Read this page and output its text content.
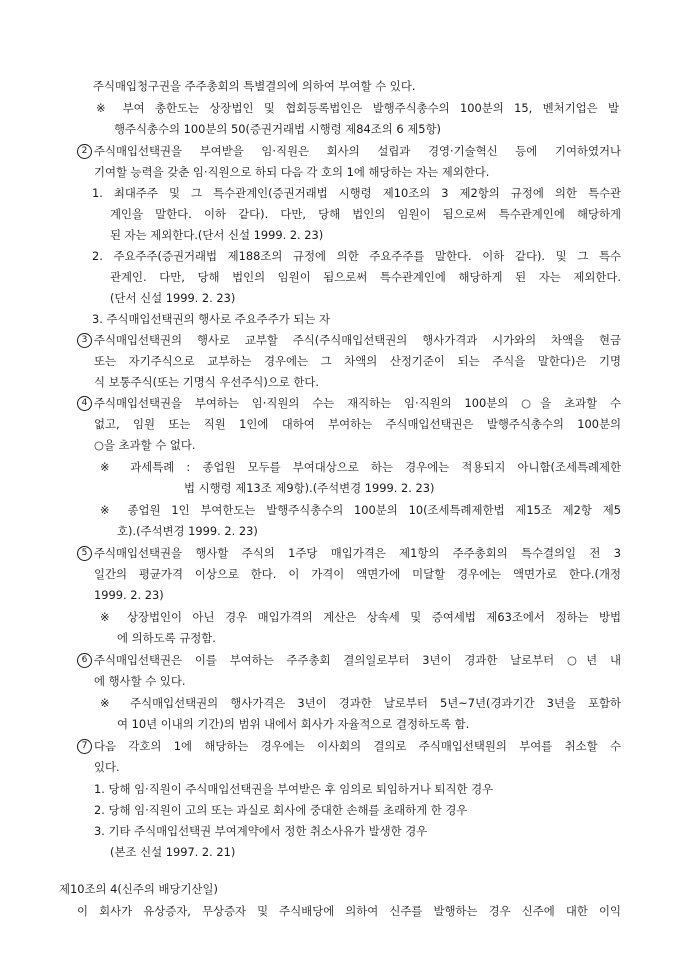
주식매입청구권을 주주총회의 특별결의에 의하여 부여할 수 있다.
※ 부여 총한도는 상장법인 및 협회등록법인은 발행주식총수의 100분의 15, 벤처기업은 발
행주식총수의 100분의 50(증권거래법 시행령 제84조의 6 제5항)
2 주식매입선택권을 부여받을 임·직원은 회사의 설립과 경영·기술혁신 등에 기여하였거나
기여할 능력을 갖춘 임·직원으로 하되 다음 각 호의 1에 해당하는 자는 제외한다.
1. 최대주주 및 그 특수관계인(증권거래법 시행령 제10조의 3 제2항의 규정에 의한 특수관
계인을 말한다. 이하 같다). 다만, 당해 법인의 임원이 됨으로써 특수관계인에 해당하게
된 자는 제외한다.(단서 신설 1999. 2. 23)
2. 주요주주(증권거래법 제188조의 규정에 의한 주요주주를 말한다. 이하 같다). 및 그 특수
관계인. 다만, 당해 법인의 임원이 됨으로써 특수관계인에 해당하게 된 자는 제외한다.
(단서 신설 1999. 2. 23)
3. 주식매입선택권의 행사로 주요주주가 되는 자
3 주식매입선택권의 행사로 교부할 주식(주식매입선택권의 행사가격과 시가와의 차액을 현금
또는 자기주식으로 교부하는 경우에는 그 차액의 산정기준이 되는 주식을 말한다)은 기명
식 보통주식(또는 기명식 우선주식)으로 한다.
4 주식매입선택권을 부여하는 임·직원의 수는 재직하는 임·직원의 100분의 ○을 초과할 수
없고, 임원 또는 직원 1인에 대하여 부여하는 주식매입선택권은 발행주식총수의 100분의
○을 초과할 수 없다.
※ 과세특례 : 종업원 모두를 부여대상으로 하는 경우에는 적용되지 아니함(조세특례제한
법 시행령 제13조 제9항).(주석변경 1999. 2. 23)
※ 종업원 1인 부여한도는 발행주식총수의 100분의 10(조세특례제한법 제15조 제2항 제5
호).(주석변경 1999. 2. 23)
5 주식매입선택권을 행사할 주식의 1주당 매입가격은 제1항의 주주총회의 특수결의일 전 3
일간의 평균가격 이상으로 한다. 이 가격이 액면가에 미달할 경우에는 액면가로 한다.(개정
1999. 2. 23)
※ 상장법인이 아닌 경우 매입가격의 계산은 상속세 및 증여세법 제63조에서 정하는 방법
에 의하도록 규정함.
6 주식매입선택권은 이를 부여하는 주주총회 결의일로부터 3년이 경과한 날로부터 ○년 내
에 행사할 수 있다.
※ 주식매입선택권의 행사가격은 3년이 경과한 날로부터 5년~7년(경과기간 3년을 포함하
여 10년 이내의 기간)의 범위 내에서 회사가 자율적으로 결정하도록 함.
7 다음 각호의 1에 해당하는 경우에는 이사회의 결의로 주식매입선택원의 부여를 취소할 수
있다.
1. 당해 임·직원이 주식매입선택권을 부여받은 후 임의로 퇴임하거나 퇴직한 경우
2. 당해 임·직원이 고의 또는 과실로 회사에 중대한 손해를 초래하게 한 경우
3. 기타 주식매입선택권 부여계약에서 정한 취소사유가 발생한 경우
(본조 신설 1997. 2. 21)
제10조의 4(신주의 배당기산일)
이 회사가 유상증자, 무상증자 및 주식배당에 의하여 신주를 발행하는 경우 신주에 대한 이익
